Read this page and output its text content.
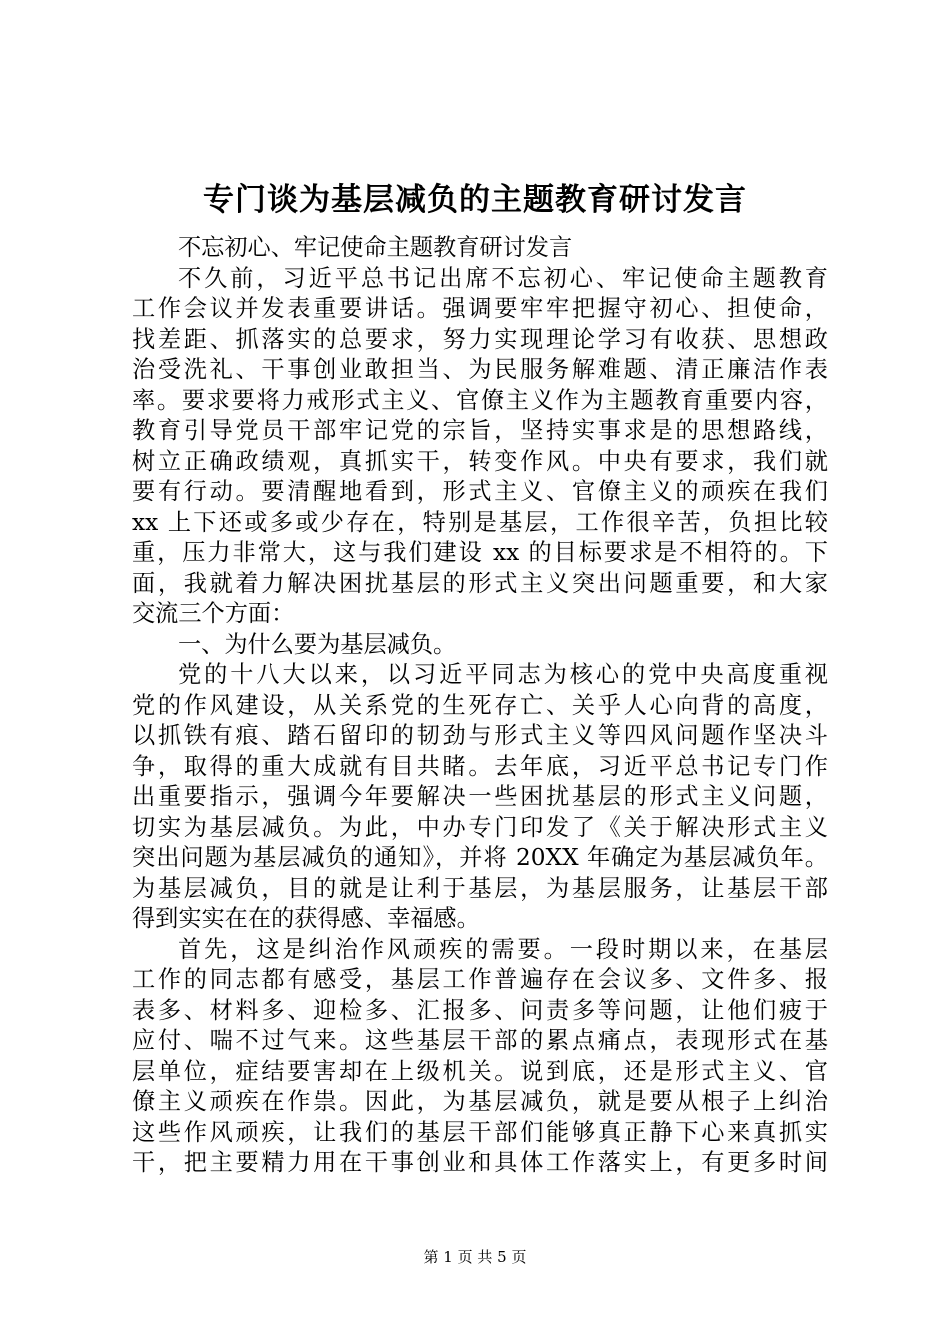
专门谈为基层减负的主题教育研讨发言
不忘初心、牢记使命主题教育研讨发言
不久前，习近平总书记出席不忘初心、牢记使命主题教育
工作会议并发表重要讲话。强调要牢牢把握守初心、担使命，
找差距、抓落实的总要求，努力实现理论学习有收获、思想政
治受洗礼、干事创业敢担当、为民服务解难题、清正廉洁作表
率。要求要将力戒形式主义、官僚主义作为主题教育重要内容，
教育引导党员干部牢记党的宗旨，坚持实事求是的思想路线，
树立正确政绩观，真抓实干，转变作风。中央有要求，我们就
要有行动。要清醒地看到，形式主义、官僚主义的顽疾在我们
xx 上下还或多或少存在，特别是基层，工作很辛苦，负担比较
重，压力非常大，这与我们建设 xx 的目标要求是不相符的。下
面，我就着力解决困扰基层的形式主义突出问题重要，和大家
交流三个方面：
一、为什么要为基层减负。
党的十八大以来，以习近平同志为核心的党中央高度重视
党的作风建设，从关系党的生死存亡、关乎人心向背的高度，
以抓铁有痕、踏石留印的韧劲与形式主义等四风问题作坚决斗
争，取得的重大成就有目共睹。去年底，习近平总书记专门作
出重要指示，强调今年要解决一些困扰基层的形式主义问题，
切实为基层减负。为此，中办专门印发了《关于解决形式主义
突出问题为基层减负的通知》，并将 20XX 年确定为基层减负年。
为基层减负，目的就是让利于基层，为基层服务，让基层干部
得到实实在在的获得感、幸福感。
首先，这是纠治作风顽疾的需要。一段时期以来，在基层
工作的同志都有感受，基层工作普遍存在会议多、文件多、报
表多、材料多、迎检多、汇报多、问责多等问题，让他们疲于
应付、喘不过气来。这些基层干部的累点痛点，表现形式在基
层单位，症结要害却在上级机关。说到底，还是形式主义、官
僚主义顽疾在作祟。因此，为基层减负，就是要从根子上纠治
这些作风顽疾，让我们的基层干部们能够真正静下心来真抓实
干，把主要精力用在干事创业和具体工作落实上，有更多时间
第 1 页 共 5 页
